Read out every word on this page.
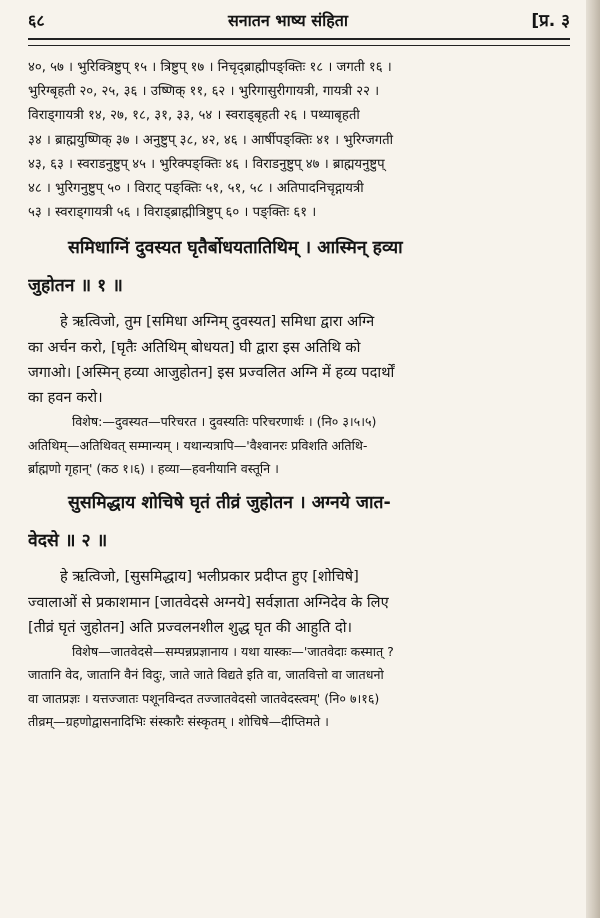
६८	सनातन भाष्य संहिता	[प्र. ३
४०, ५७ । भुरिक्त्रिष्टुप् १५ । त्रिष्टुप् १७ । निचृद्ब्राह्मीपङ्क्तिः १८ । जगती १६ ।
भुरिग्बृहती २०, २५, ३६ । उष्णिक् ११, ६२ । भुरिगासुरीगायत्री, गायत्री २२ ।
विराड्गायत्री १४, २७, १८, ३१, ३३, ५४ । स्वराड्बृहती २६ । पथ्याबृहती
३४ । ब्राह्मयुष्णिक् ३७ । अनुष्टुप् ३८, ४२, ४६ । आर्षीपङ्क्तिः ४१ । भुरिग्जगती
४३, ६३ । स्वराडनुष्टुप् ४५ । भुरिक्पङ्क्तिः ४६ । विराडनुष्टुप् ४७ । ब्राह्मयनुष्टुप्
४८ । भुरिगनुष्टुप् ५० । विराट् पङ्क्तिः ५१, ५१, ५८ । अतिपादनिचृद्गायत्री
५३ । स्वराड्गायत्री ५६ । विराड्ब्राह्मीत्रिष्टुप् ६० । पङ्क्तिः ६१ ।
समिधाग्निं दुवस्यत घृतैर्बोधयतातिथिम् । आस्मिन् हव्या
जुहोतन ॥ १ ॥
हे ऋत्विजो, तुम [समिधा अग्निम् दुवस्यत] समिधा द्वारा अग्नि
का अर्चन करो, [घृतैः अतिथिम् बोधयत] घी द्वारा इस अतिथि को
जगाओ। [अस्मिन् हव्या आजुहोतन] इस प्रज्वलित अग्नि में हव्य पदार्थों
का हवन करो।
विशेष:—दुवस्यत—परिचरत । दुवस्यतिः परिचरणार्थः । (नि० ३।५।५)
अतिथिम्—अतिथिवत् सम्मान्यम् । यथान्यत्रापि—'वैश्वानरः प्रविशति अतिथि-
र्ब्राह्मणो गृहान्' (कठ १।६) । हव्या—हवनीयानि वस्तूनि ।
सुसमिद्धाय शोचिषे घृतं तीव्रं जुहोतन । अग्नये जात-
वेदसे ॥ २ ॥
हे ऋत्विजो, [सुसमिद्धाय] भलीप्रकार प्रदीप्त हुए [शोचिषे]
ज्वालाओं से प्रकाशमान [जातवेदसे अग्नये] सर्वज्ञाता अग्निदेव के लिए
[तीव्रं घृतं जुहोतन] अति प्रज्वलनशील शुद्ध घृत की आहुति दो।
विशेष—जातवेदसे—सम्पन्नप्रज्ञानाय । यथा यास्कः—'जातवेदाः कस्मात् ?
जातानि वेद, जातानि वैनं विदुः, जाते जाते विद्यते इति वा, जातवित्तो वा जातधनो
वा जातप्रज्ञः । यत्तज्जातः पशूनविन्दत तज्जातवेदसो जातवेदस्त्वम्' (नि० ७।१६)
तीव्रम्—ग्रहणोद्वासनादिभिः संस्कारैः संस्कृतम् । शोचिषे—दीप्तिमते ।
